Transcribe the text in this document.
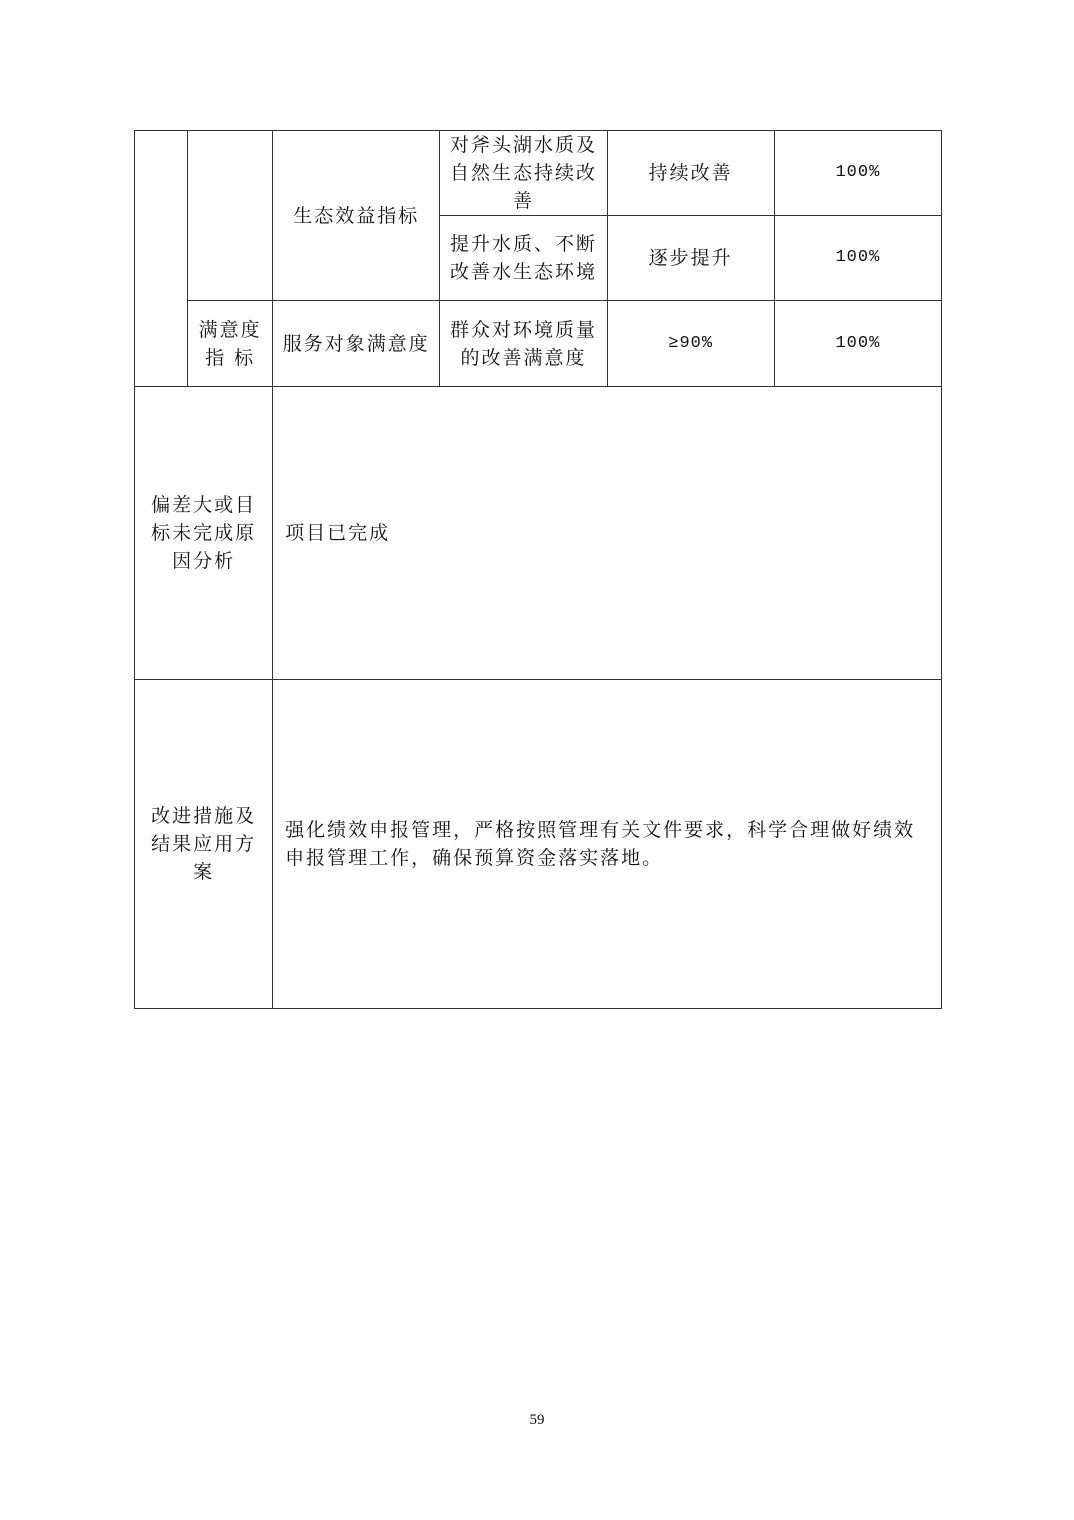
		生态效益指标	对斧头湖水质及自然生态持续改善	持续改善	100%
			提升水质、不断改善水生态环境	逐步提升	100%
	满意度指 标	服务对象满意度	群众对环境质量的改善满意度	≥90%	100%
偏差大或目标未完成原因分析		项目已完成			
改进措施及结果应用方案		强化绩效申报管理，严格按照管理有关文件要求，科学合理做好绩效申报管理工作，确保预算资金落实落地。			
59
